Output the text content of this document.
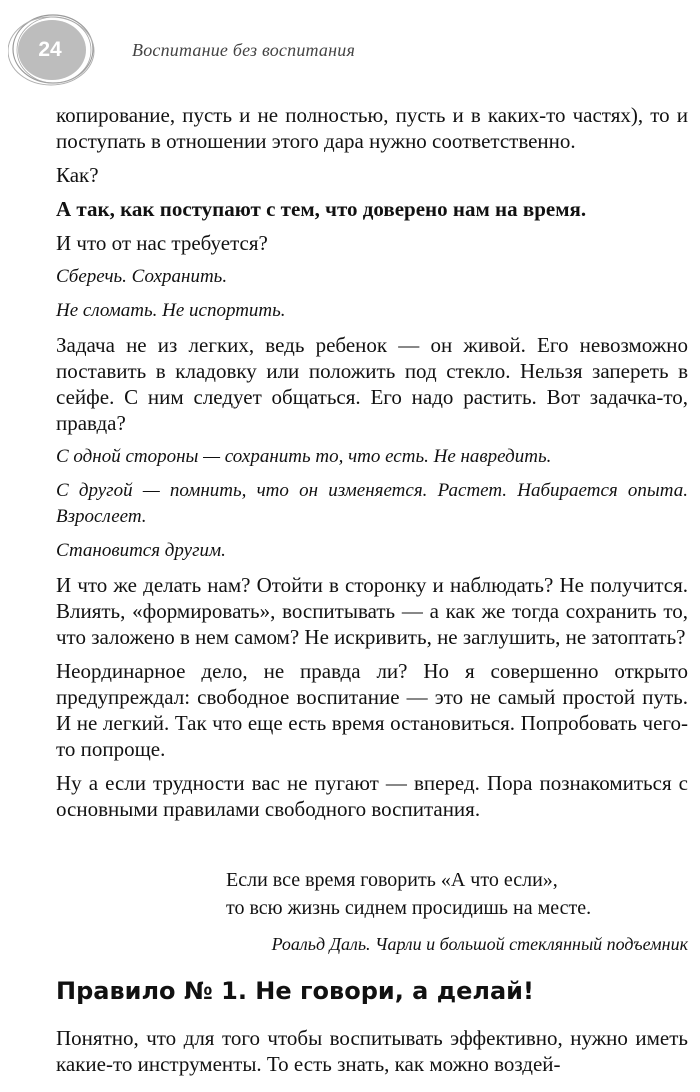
24	Воспитание без воспитания

копирование, пусть и не полностью, пусть и в каких-то частях), то и поступать в отношении этого дара нужно соответственно.

Как?

А так, как поступают с тем, что доверено нам на время.

И что от нас требуется?

Сберечь. Сохранить.

Не сломать. Не испортить.

Задача не из легких, ведь ребенок — он живой. Его невозможно поставить в кладовку или положить под стекло. Нельзя запереть в сейфе. С ним следует общаться. Его надо растить. Вот задачка-то, правда?

С одной стороны — сохранить то, что есть. Не навредить.

С другой — помнить, что он изменяется. Растет. Набирается опыта. Взрослеет.

Становится другим.

И что же делать нам? Отойти в сторонку и наблюдать? Не получится. Влиять, «формировать», воспитывать — а как же тогда сохранить то, что заложено в нем самом? Не искривить, не заглушить, не затоптать?

Неординарное дело, не правда ли? Но я совершенно открыто предупреждал: свободное воспитание — это не самый простой путь. И не легкий. Так что еще есть время остановиться. Попробовать чего-то попроще.

Ну а если трудности вас не пугают — вперед. Пора познакомиться с основными правилами свободного воспитания.

Если все время говорить «А что если»,
то всю жизнь сиднем просидишь на месте.
Роальд Даль. Чарли и большой стеклянный подъемник
Правило № 1. Не говори, а делай!

Понятно, что для того чтобы воспитывать эффективно, нужно иметь какие-то инструменты. То есть знать, как можно воздей-
